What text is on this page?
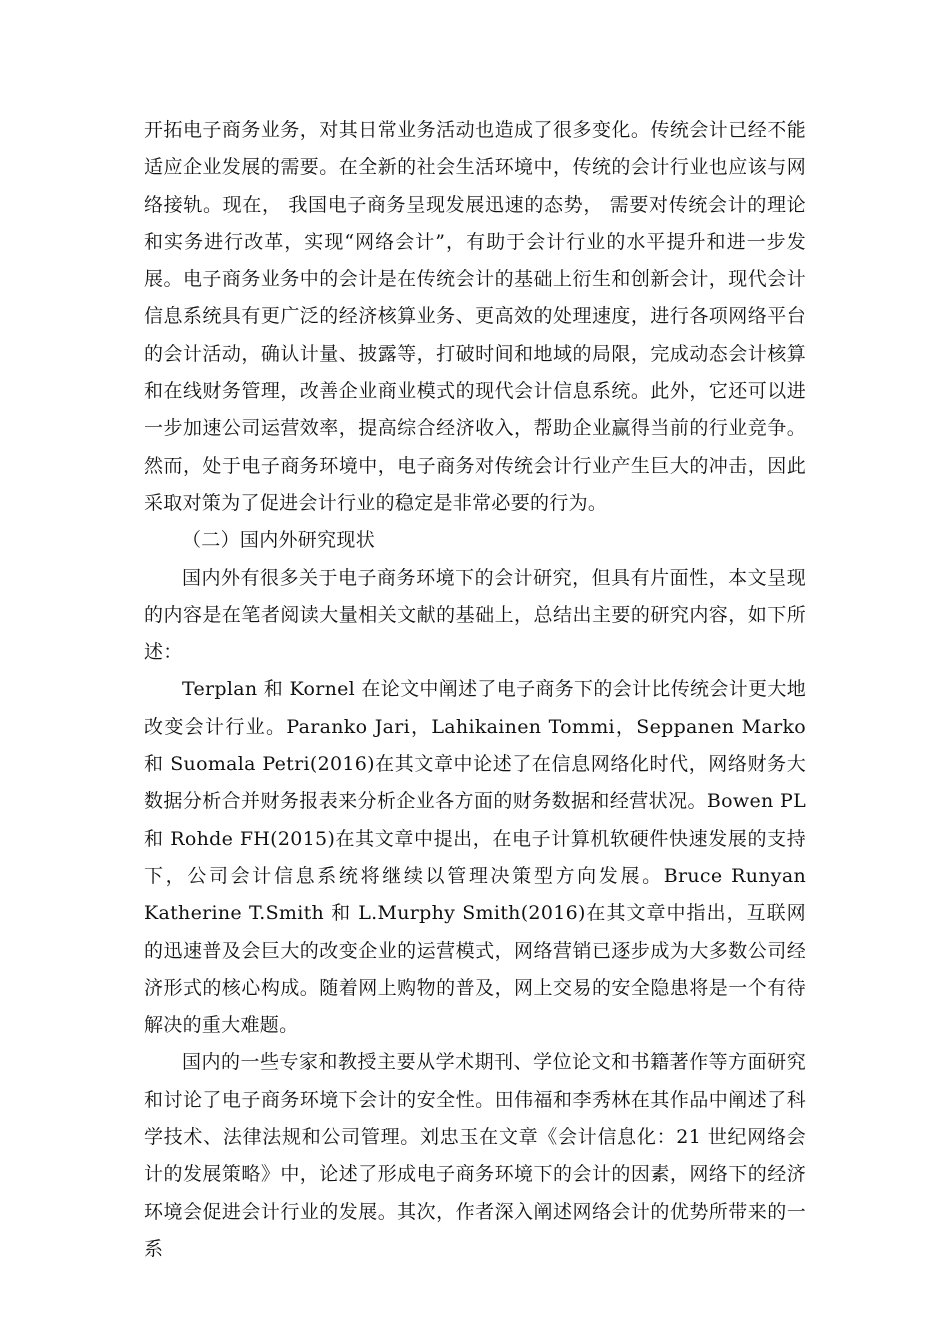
开拓电子商务业务，对其日常业务活动也造成了很多变化。传统会计已经不能适应企业发展的需要。在全新的社会生活环境中，传统的会计行业也应该与网络接轨。现在， 我国电子商务呈现发展迅速的态势， 需要对传统会计的理论和实务进行改革，实现“网络会计”，有助于会计行业的水平提升和进一步发展。电子商务业务中的会计是在传统会计的基础上衍生和创新会计，现代会计信息系统具有更广泛的经济核算业务、更高效的处理速度，进行各项网络平台的会计活动，确认计量、披露等，打破时间和地域的局限，完成动态会计核算和在线财务管理，改善企业商业模式的现代会计信息系统。此外，它还可以进一步加速公司运营效率，提高综合经济收入，帮助企业赢得当前的行业竞争。然而，处于电子商务环境中，电子商务对传统会计行业产生巨大的冲击，因此采取对策为了促进会计行业的稳定是非常必要的行为。

（二）国内外研究现状

国内外有很多关于电子商务环境下的会计研究，但具有片面性，本文呈现的内容是在笔者阅读大量相关文献的基础上，总结出主要的研究内容，如下所述：

Terplan 和 Kornel 在论文中阐述了电子商务下的会计比传统会计更大地改变会计行业。Paranko Jari，Lahikainen Tommi，Seppanen Marko 和 Suomala Petri(2016)在其文章中论述了在信息网络化时代，网络财务大数据分析合并财务报表来分析企业各方面的财务数据和经营状况。Bowen PL 和 Rohde FH(2015)在其文章中提出，在电子计算机软硬件快速发展的支持下，公司会计信息系统将继续以管理决策型方向发展。Bruce Runyan Katherine T.Smith 和 L.Murphy Smith(2016)在其文章中指出，互联网的迅速普及会巨大的改变企业的运营模式，网络营销已逐步成为大多数公司经济形式的核心构成。随着网上购物的普及，网上交易的安全隐患将是一个有待解决的重大难题。

国内的一些专家和教授主要从学术期刊、学位论文和书籍著作等方面研究和讨论了电子商务环境下会计的安全性。田伟福和李秀林在其作品中阐述了科学技术、法律法规和公司管理。刘忠玉在文章《会计信息化：21 世纪网络会计的发展策略》中，论述了形成电子商务环境下的会计的因素，网络下的经济环境会促进会计行业的发展。其次，作者深入阐述网络会计的优势所带来的一系
